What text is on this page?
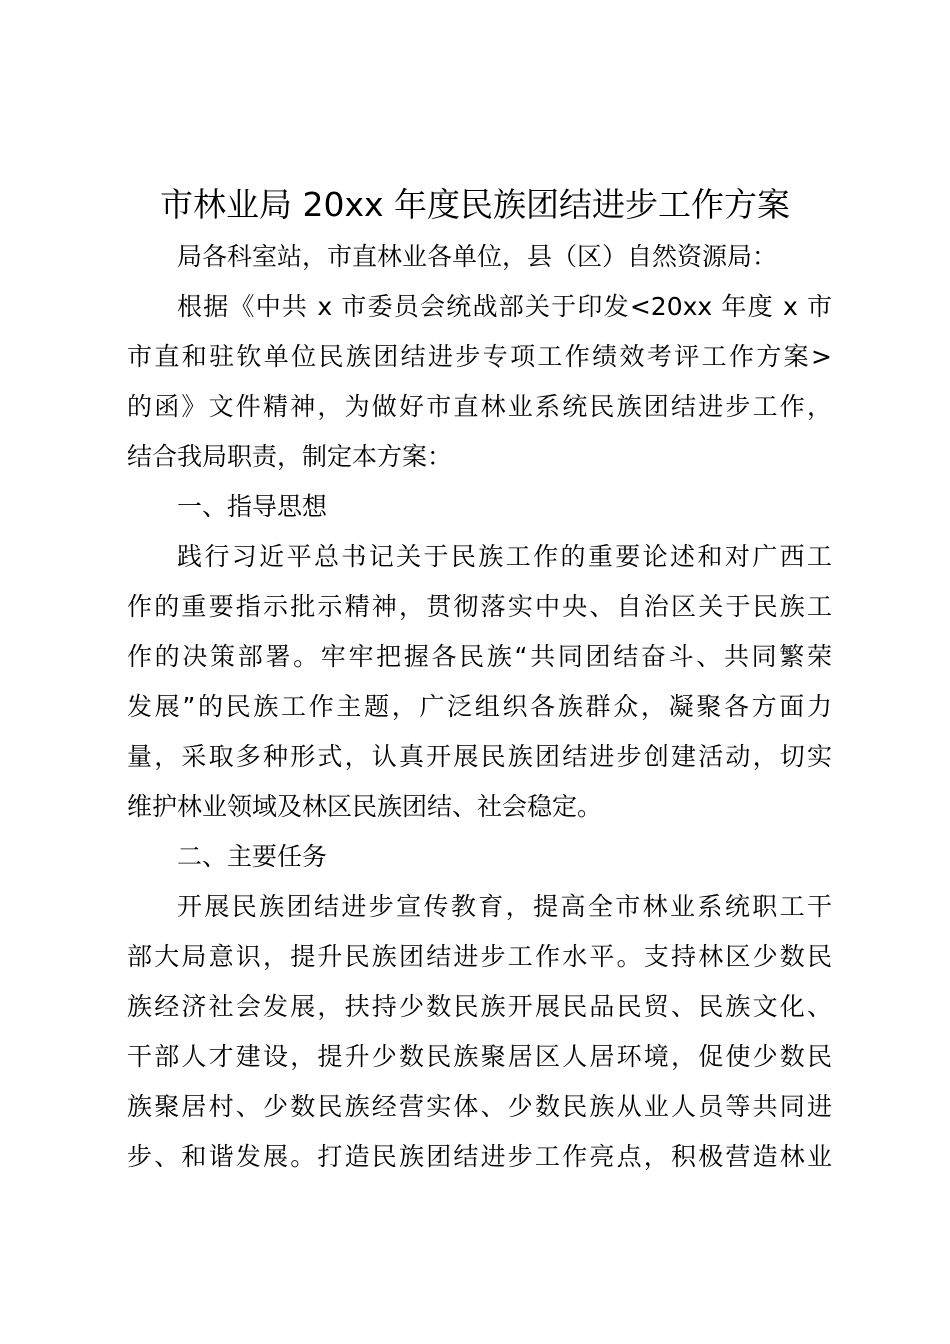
市林业局 20xx 年度民族团结进步工作方案
局各科室站，市直林业各单位，县（区）自然资源局：
根据《中共 x 市委员会统战部关于印发<20xx 年度 x 市
市直和驻钦单位民族团结进步专项工作绩效考评工作方案>
的函》文件精神，为做好市直林业系统民族团结进步工作，
结合我局职责，制定本方案：
一、指导思想
践行习近平总书记关于民族工作的重要论述和对广西工
作的重要指示批示精神，贯彻落实中央、自治区关于民族工
作的决策部署。牢牢把握各民族“共同团结奋斗、共同繁荣
发展”的民族工作主题，广泛组织各族群众，凝聚各方面力
量，采取多种形式，认真开展民族团结进步创建活动，切实
维护林业领域及林区民族团结、社会稳定。
二、主要任务
开展民族团结进步宣传教育，提高全市林业系统职工干
部大局意识，提升民族团结进步工作水平。支持林区少数民
族经济社会发展，扶持少数民族开展民品民贸、民族文化、
干部人才建设，提升少数民族聚居区人居环境，促使少数民
族聚居村、少数民族经营实体、少数民族从业人员等共同进
步、和谐发展。打造民族团结进步工作亮点，积极营造林业
